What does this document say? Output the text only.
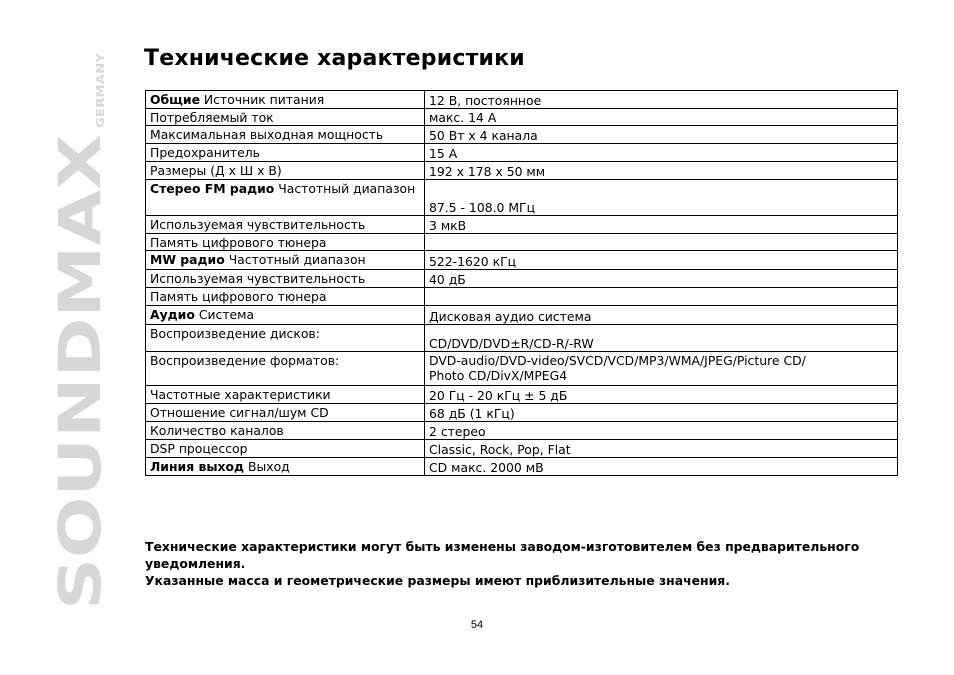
SOUNDMAX
GERMANY
Технические характеристики
Общие Источник питания	12 В, постоянное
Потребляемый ток	макс. 14 А
Максимальная выходная мощность	50 Вт х 4 канала
Предохранитель	15 А
Размеры (Д х Ш х В)	192 х 178 х 50 мм
Стерео FM радио Частотный диапазон	87.5 - 108.0 МГц
Используемая чувствительность	3 мкВ
Память цифрового тюнера	
MW радио Частотный диапазон	522-1620 кГц
Используемая чувствительность	40 дБ
Память цифрового тюнера	
Аудио Система	Дисковая аудио система
Воспроизведение дисков:	CD/DVD/DVD±R/CD-R/-RW
Воспроизведение форматов:	DVD-audio/DVD-video/SVCD/VCD/MP3/WMA/JPEG/Picture CD/
Photo CD/DivX/MPEG4
Частотные характеристики	20 Гц - 20 кГц ± 5 дБ
Отношение сигнал/шум CD	68 дБ (1 кГц)
Количество каналов	2 стерео
DSP процессор	Classic, Rock, Pop, Flat
Линия выход Выход	CD макс. 2000 мВ

Технические характеристики могут быть изменены заводом-изготовителем без предварительного уведомления.

Указанные масса и геометрические размеры имеют приблизительные значения.

54
